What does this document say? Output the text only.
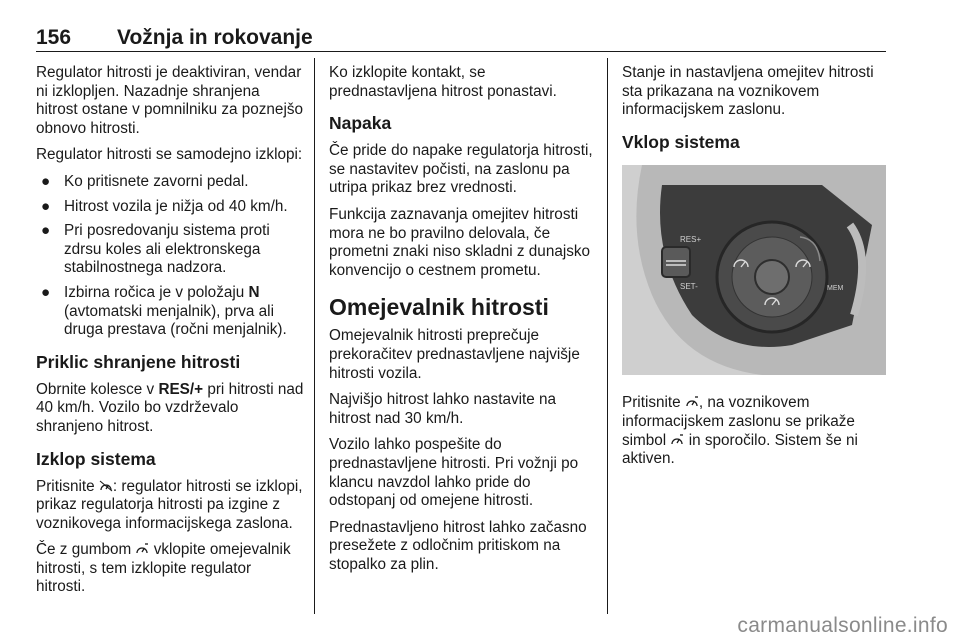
156 Vožnja in rokovanje

Regulator hitrosti je deaktiviran, vendar ni izklopljen. Nazadnje shranjena hitrost ostane v pomnilniku za poznejšo obnovo hitrosti.

Regulator hitrosti se samodejno izklopi:

● Ko pritisnete zavorni pedal.
● Hitrost vozila je nižja od 40 km/h.
● Pri posredovanju sistema proti zdrsu koles ali elektronskega stabilnostnega nadzora.
● Izbirna ročica je v položaju N (avtomatski menjalnik), prva ali druga prestava (ročni menjalnik).
Priklic shranjene hitrosti

Obrnite kolesce v RES/+ pri hitrosti nad 40 km/h. Vozilo bo vzdrževalo shranjeno hitrost.

Izklop sistema

Pritisnite : regulator hitrosti se izklopi, prikaz regulatorja hitrosti pa izgine z voznikovega informacijskega zaslona.

Če z gumbom  vklopite omejevalnik hitrosti, s tem izklopite regulator hitrosti.

Ko izklopite kontakt, se prednastavljena hitrost ponastavi.

Napaka

Če pride do napake regulatorja hitrosti, se nastavitev počisti, na zaslonu pa utripa prikaz brez vrednosti.

Funkcija zaznavanja omejitev hitrosti mora ne bo pravilno delovala, če prometni znaki niso skladni z dunajsko konvencijo o cestnem prometu.

Omejevalnik hitrosti

Omejevalnik hitrosti preprečuje prekoračitev prednastavljene najvišje hitrosti vozila.

Najvišjo hitrost lahko nastavite na hitrost nad 30 km/h.

Vozilo lahko pospešite do prednastavljene hitrosti. Pri vožnji po klancu navzdol lahko pride do odstopanj od omejene hitrosti.

Prednastavljeno hitrost lahko začasno presežete z odločnim pritiskom na stopalko za plin.

Stanje in nastavljena omejitev hitrosti sta prikazana na voznikovem informacijskem zaslonu.

Vklop sistema
RES+
SET-	MEM

Pritisnite , na voznikovem informacijskem zaslonu se prikaže simbol  in sporočilo. Sistem še ni aktiven.

carmanualsonline.info
